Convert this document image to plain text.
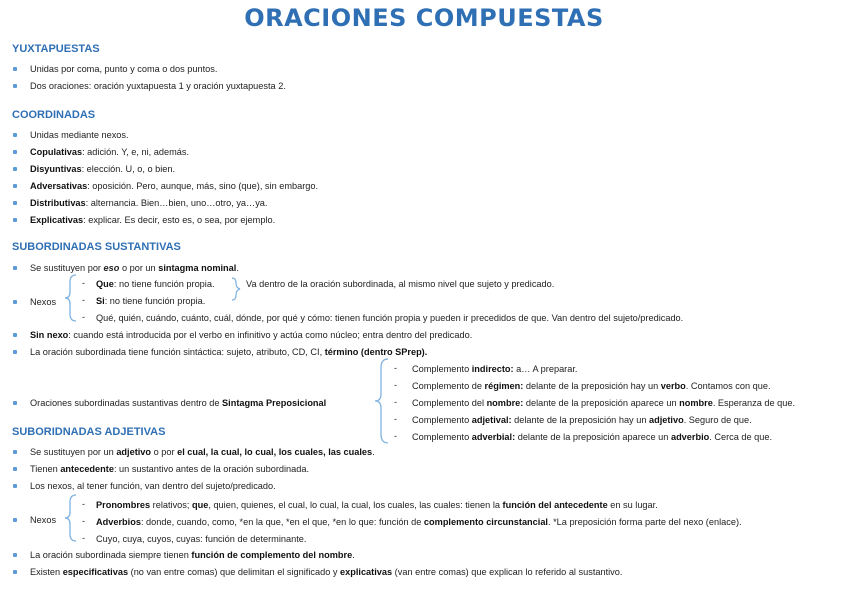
ORACIONES COMPUESTAS
YUXTAPUESTAS
Unidas por coma, punto y coma o dos puntos.
Dos oraciones: oración yuxtapuesta 1 y oración yuxtapuesta 2.
COORDINADAS
Unidas mediante nexos.
Copulativas: adición. Y, e, ni, además.
Disyuntivas: elección. U, o, o bien.
Adversativas: oposición. Pero, aunque, más, sino (que), sin embargo.
Distributivas: alternancia. Bien…bien, uno…otro, ya…ya.
Explicativas: explicar. Es decir, esto es, o sea, por ejemplo.
SUBORDINADAS SUSTANTIVAS
Se sustituyen por eso o por un sintagma nominal.
Nexos
- Que: no tiene función propia.	Va dentro de la oración subordinada, al mismo nivel que sujeto y predicado.
- Si: no tiene función propia.
- Qué, quién, cuándo, cuánto, cuál, dónde, por qué y cómo: tienen función propia y pueden ir precedidos de que. Van dentro del sujeto/predicado.
Sin nexo: cuando está introducida por el verbo en infinitivo y actúa como núcleo; entra dentro del predicado.
La oración subordinada tiene función sintáctica: sujeto, atributo, CD, CI, término (dentro SPrep).
Oraciones subordinadas sustantivas dentro de Sintagma Preposicional
- Complemento indirecto: a… A preparar.
- Complemento de régimen: delante de la preposición hay un verbo. Contamos con que.
- Complemento del nombre: delante de la preposición aparece un nombre. Esperanza de que.
- Complemento adjetival: delante de la preposición hay un adjetivo. Seguro de que.
- Complemento adverbial: delante de la preposición aparece un adverbio. Cerca de que.
SUBORIDNADAS ADJETIVAS
Se sustituyen por un adjetivo o por el cual, la cual, lo cual, los cuales, las cuales.
Tienen antecedente: un sustantivo antes de la oración subordinada.
Los nexos, al tener función, van dentro del sujeto/predicado.
Nexos
- Pronombres relativos; que, quien, quienes, el cual, lo cual, la cual, los cuales, las cuales: tienen la función del antecedente en su lugar.
- Adverbios: donde, cuando, como, *en la que, *en el que, *en lo que: función de complemento circunstancial. *La preposición forma parte del nexo (enlace).
- Cuyo, cuya, cuyos, cuyas: función de determinante.
La oración subordinada siempre tienen función de complemento del nombre.
Existen especificativas (no van entre comas) que delimitan el significado y explicativas (van entre comas) que explican lo referido al sustantivo.
